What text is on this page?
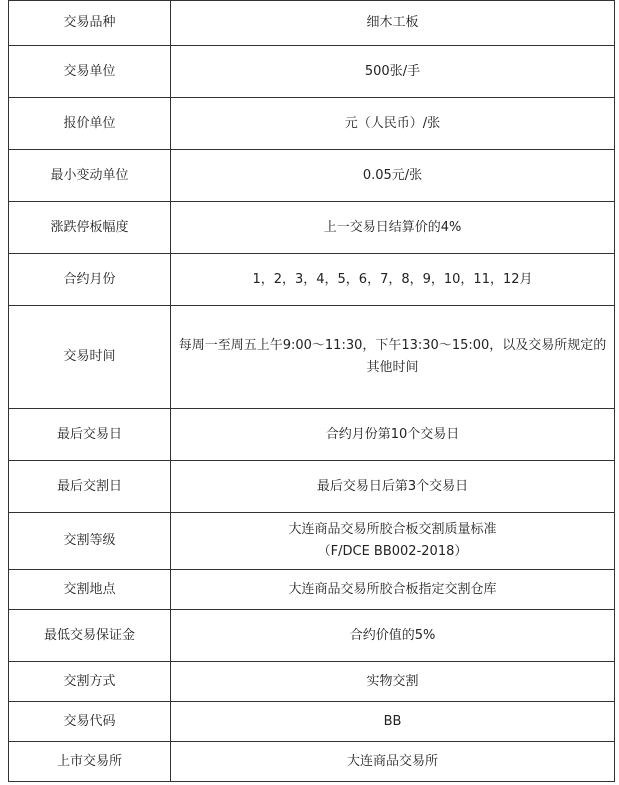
交易品种	细木工板
交易单位	500张/手
报价单位	元（人民币）/张
最小变动单位	0.05元/张
涨跌停板幅度	上一交易日结算价的4%
合约月份	1，2，3，4，5，6，7，8，9，10，11，12月
交易时间	每周一至周五上午9:00～11:30，下午13:30～15:00，以及交易所规定的其他时间
最后交易日	合约月份第10个交易日
最后交割日	最后交易日后第3个交易日
交割等级	大连商品交易所胶合板交割质量标准
（F/DCE BB002-2018）

交割地点	大连商品交易所胶合板指定交割仓库
最低交易保证金	合约价值的5%
交割方式	实物交割
交易代码	BB
上市交易所	大连商品交易所
